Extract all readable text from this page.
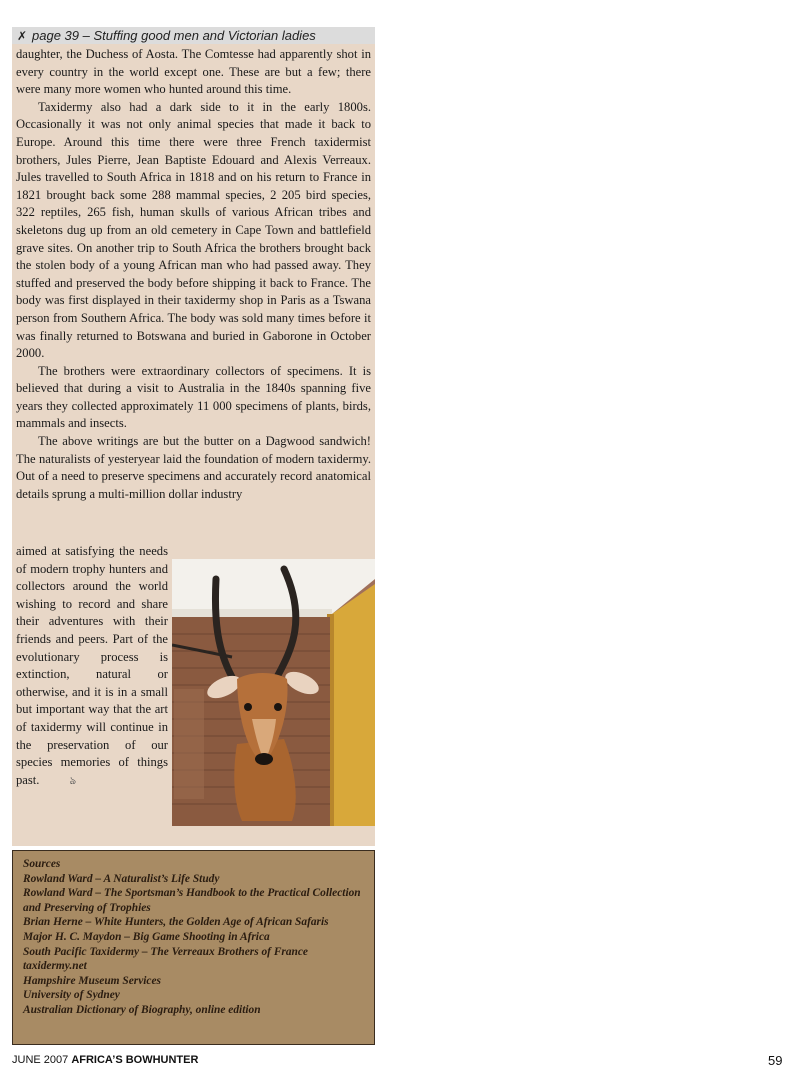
✗ page 39 – Stuffing good men and Victorian ladies

daughter, the Duchess of Aosta. The Comtesse had apparently shot in every country in the world except one. These are but a few; there were many more women who hunted around this time.

Taxidermy also had a dark side to it in the early 1800s. Occasionally it was not only animal species that made it back to Europe. Around this time there were three French taxidermist brothers, Jules Pierre, Jean Baptiste Edouard and Alexis Verreaux. Jules travelled to South Africa in 1818 and on his return to France in 1821 brought back some 288 mammal species, 2 205 bird species, 322 reptiles, 265 fish, human skulls of various African tribes and skeletons dug up from an old cemetery in Cape Town and battlefield grave sites. On another trip to South Africa the brothers brought back the stolen body of a young African man who had passed away. They stuffed and preserved the body before shipping it back to France. The body was first displayed in their taxidermy shop in Paris as a Tswana person from Southern Africa. The body was sold many times before it was finally returned to Botswana and buried in Gaborone in October 2000.

The brothers were extraordinary collectors of specimens. It is believed that during a visit to Australia in the 1840s spanning five years they collected approximately 11 000 specimens of plants, birds, mammals and insects.

The above writings are but the butter on a Dagwood sandwich! The naturalists of yesteryear laid the foundation of modern taxidermy. Out of a need to preserve specimens and accurately record anatomical details sprung a multi-million dollar industry

aimed at satisfying the needs of modern trophy hunters and collectors around the world wishing to record and share their adventures with their friends and peers. Part of the evolutionary process is extinction, natural or otherwise, and it is in a small but important way that the art of taxidermy will continue in the preservation of our species memories of things past.	ঌ
Sources
Rowland Ward – A Naturalist’s Life Study
Rowland Ward – The Sportsman’s Handbook to the Practical Collection and Preserving of Trophies
Brian Herne – White Hunters, the Golden Age of African Safaris
Major H. C. Maydon – Big Game Shooting in Africa
South Pacific Taxidermy – The Verreaux Brothers of France
taxidermy.net
Hampshire Museum Services
University of Sydney
Australian Dictionary of Biography, online edition
JUNE 2007 AFRICA’S BOWHUNTER	59
